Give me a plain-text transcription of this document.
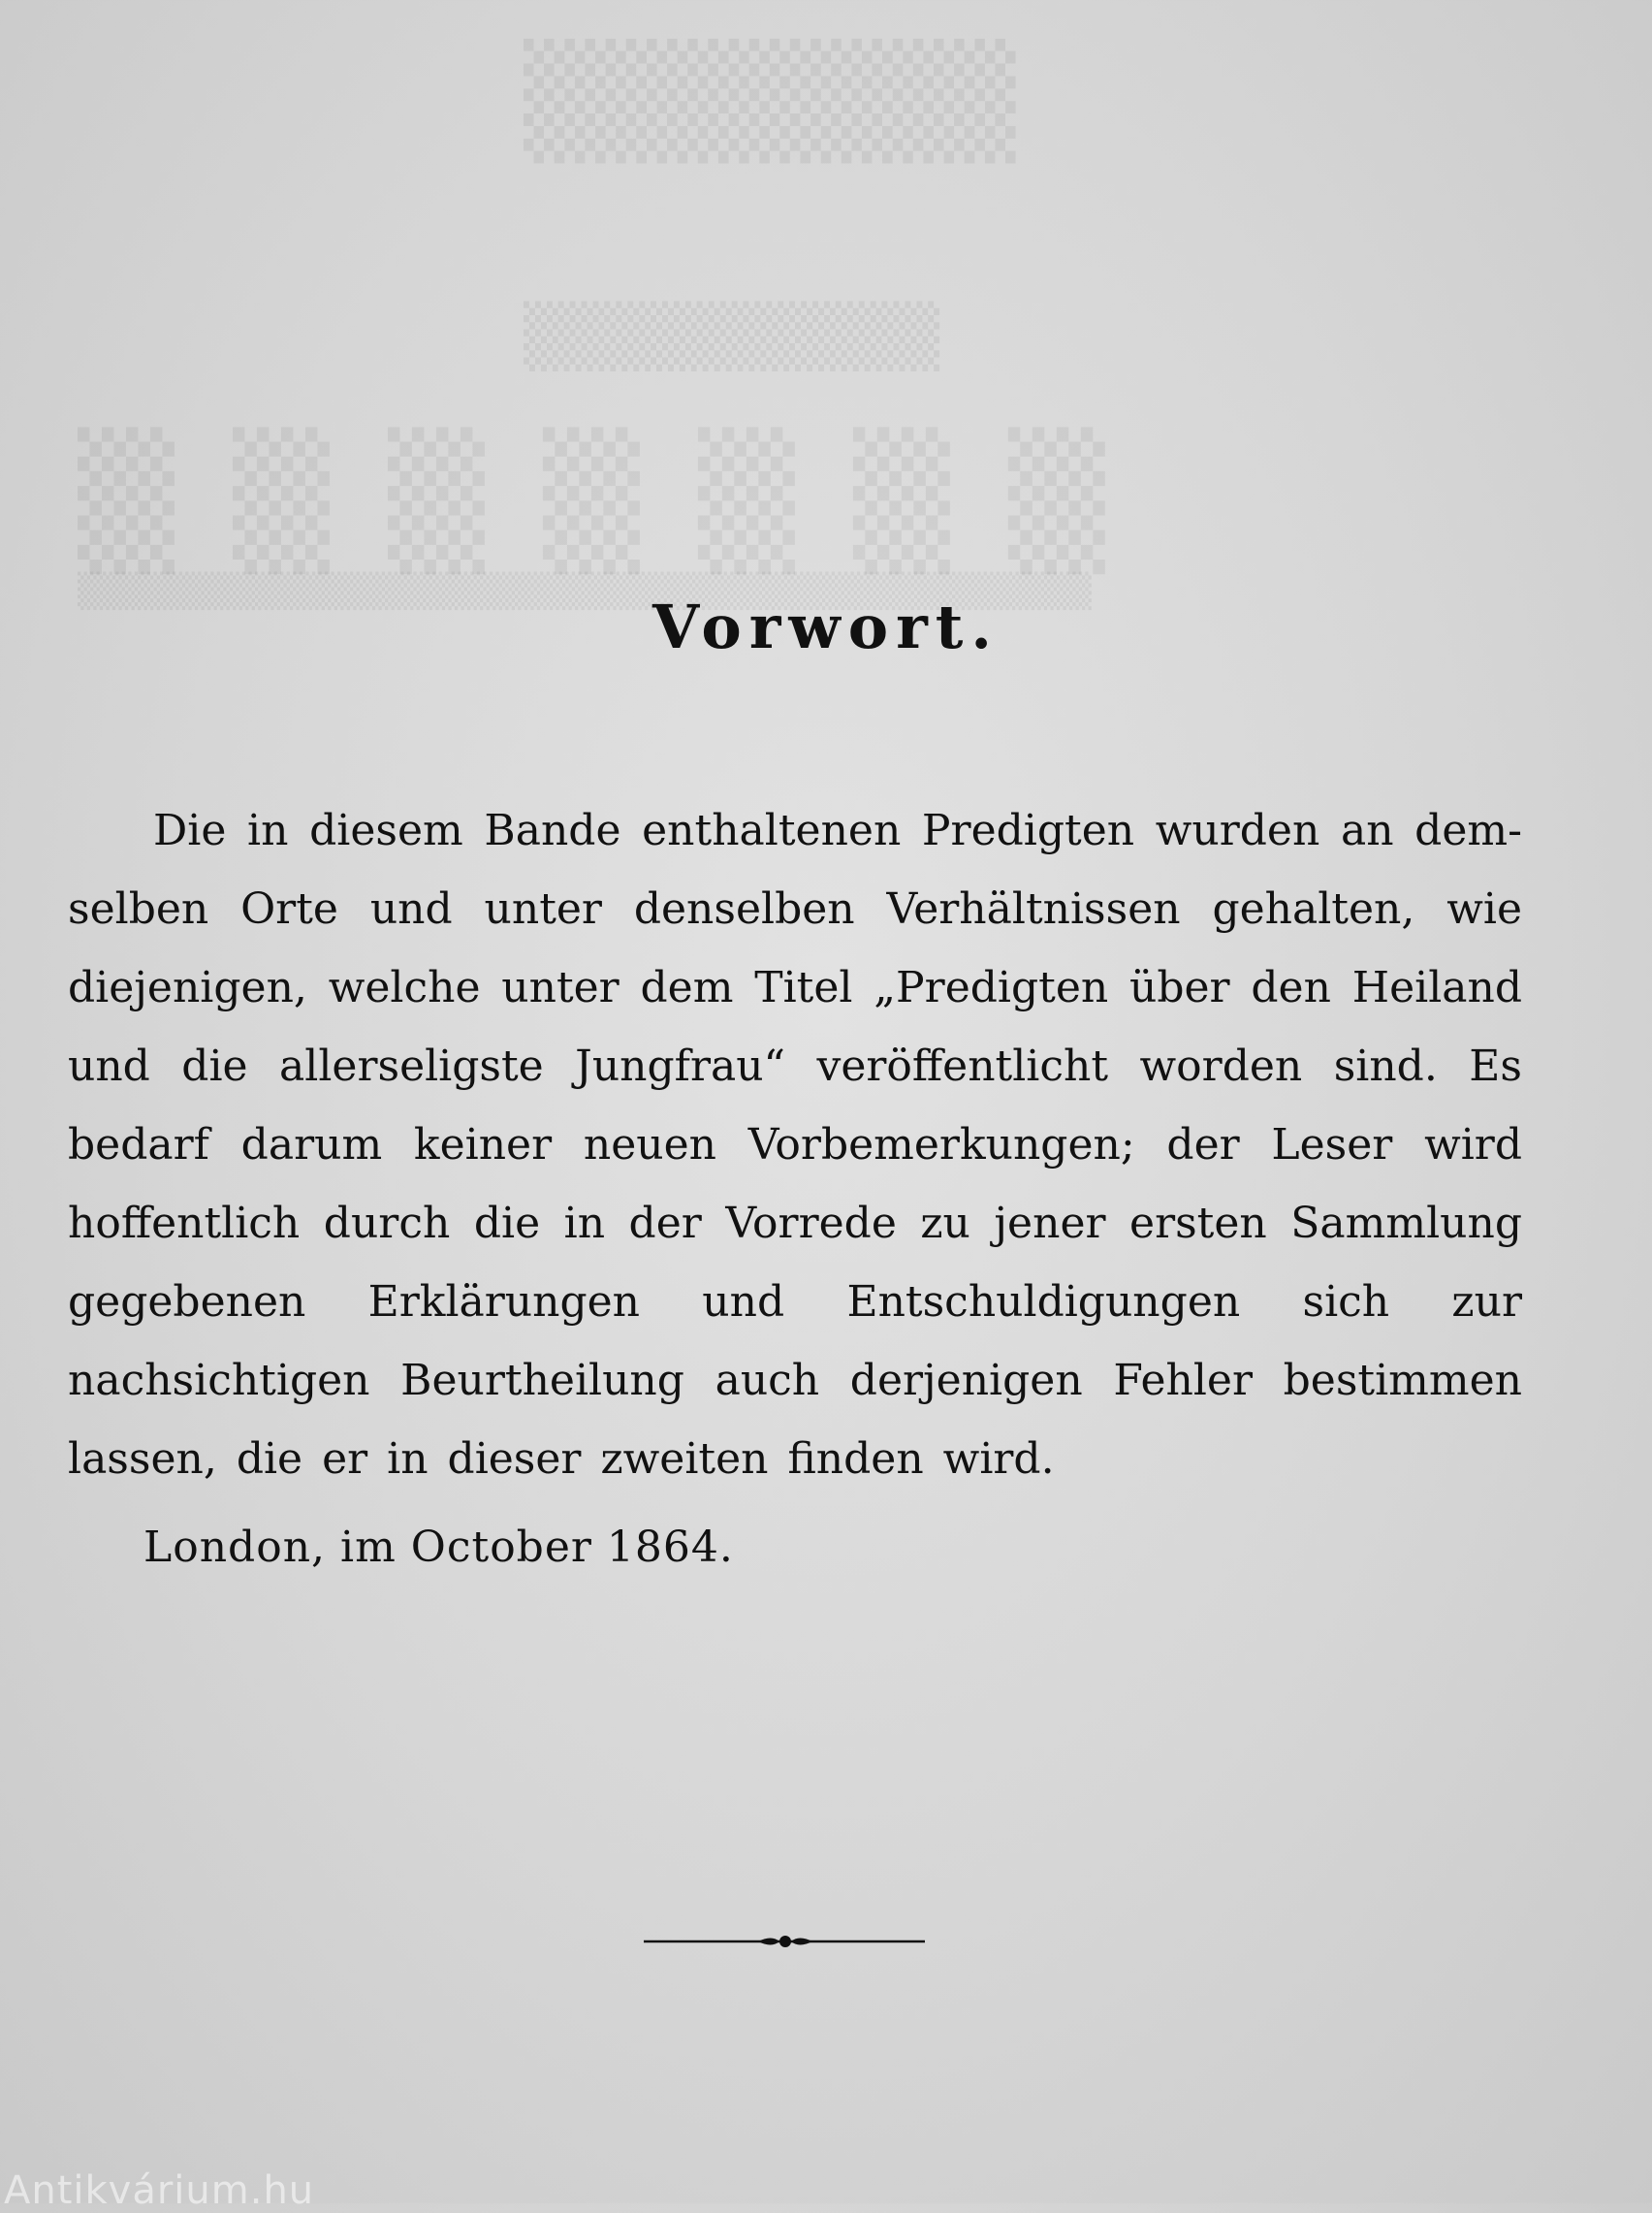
▒▒▒▒▒▒
▒▒▒▒▒▒▒▒▒
▒▒▒▒▒▒▒
▒▒▒▒▒▒▒▒▒▒▒▒▒▒▒▒▒▒▒▒▒▒▒▒▒▒▒▒▒▒▒▒▒▒▒▒▒▒▒▒
Vorwort.

Die in diesem Bande enthaltenen Predigten wurden an demselben Orte und unter denselben Verhältnissen gehalten, wie diejenigen, welche unter dem Titel „Predigten über den Heiland und die allerseligste Jungfrau“ veröffentlicht worden sind. Es bedarf darum keiner neuen Vorbemerkungen; der Leser wird hoffentlich durch die in der Vorrede zu jener ersten Sammlung gegebenen Erklärungen und Entschuldigungen sich zur nachsichtigen Beurtheilung auch derjenigen Fehler bestimmen lassen, die er in dieser zweiten finden wird.

London, im October 1864.
Antikvárium.hu
